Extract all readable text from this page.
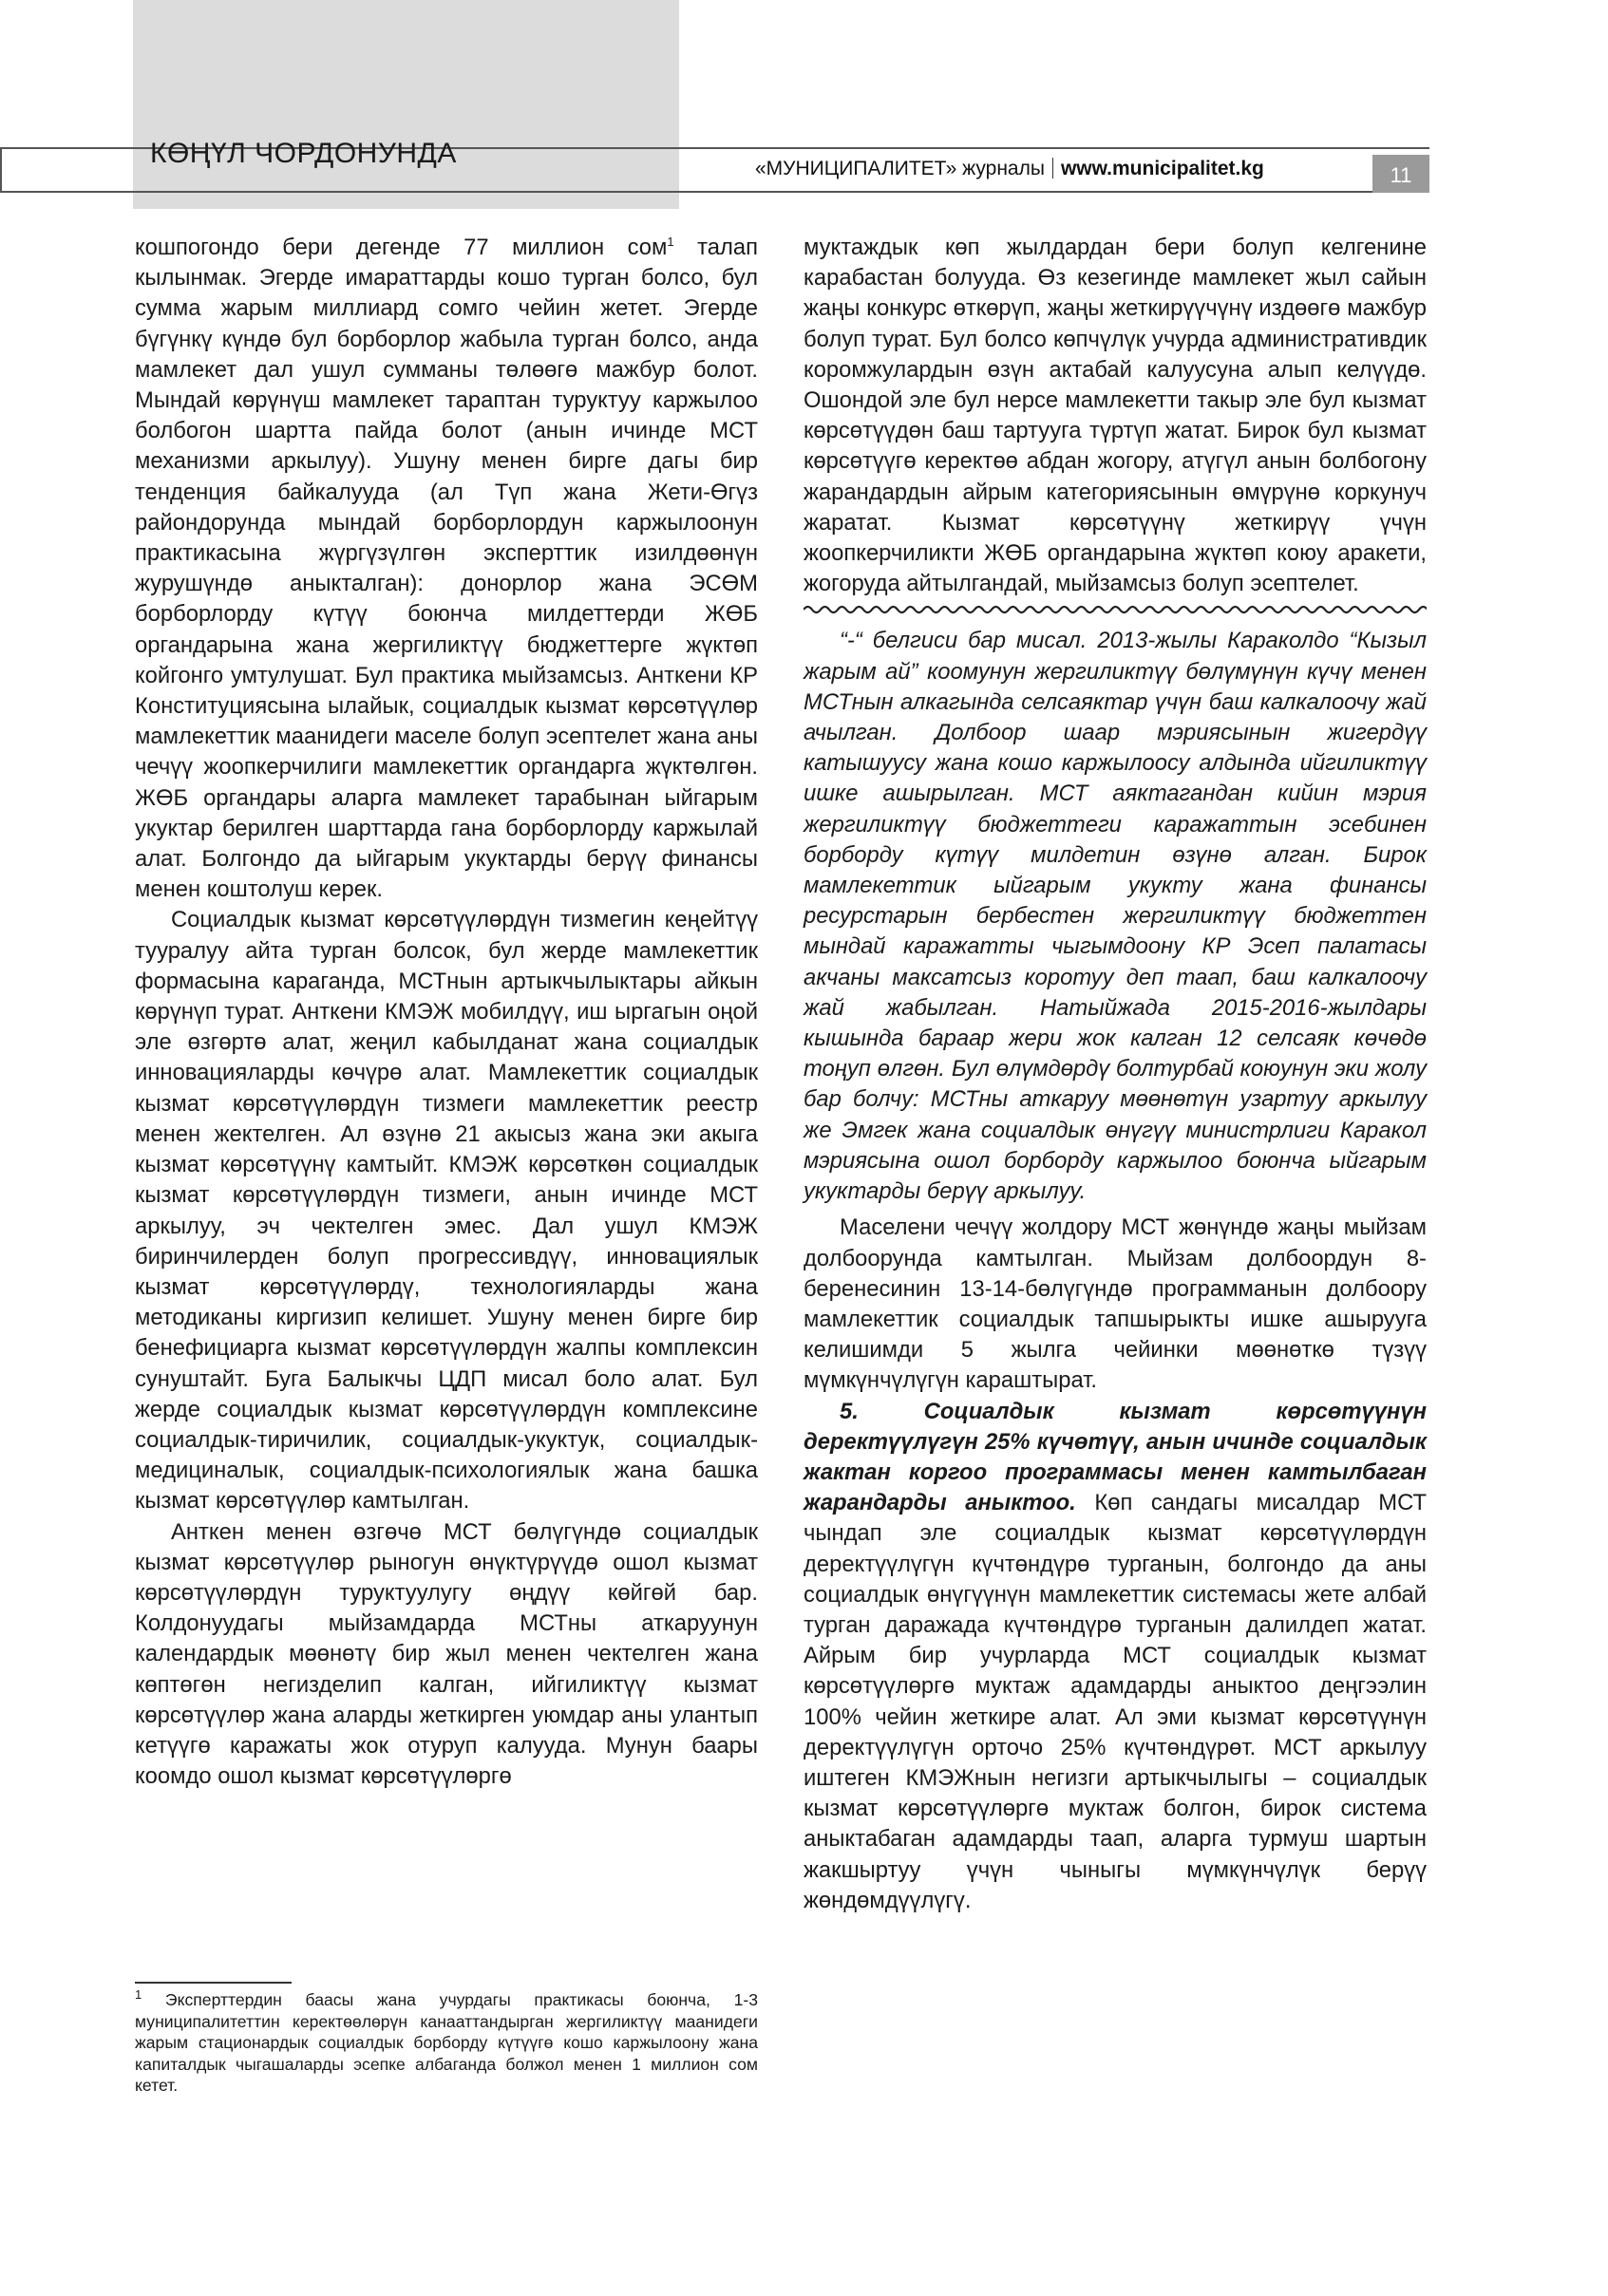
КӨҢҮЛ ЧОРДОНУНДА	«МУНИЦИПАЛИТЕТ» журналы www.municipalitet.kg	11

кошпогондо бери дегенде 77 миллион сом$^1$ талап кылынмак. Эгерде имараттарды кошо турган болсо, бул сумма жарым миллиард сомго чейин жетет. Эгерде бүгүнкү күндө бул борборлор жабыла турган болсо, анда мамлекет дал ушул сумманы төлөөгө мажбур болот. Мындай көрүнүш мамлекет тараптан туруктуу каржылоо болбогон шартта пайда болот (анын ичинде МСТ механизми аркылуу). Ушуну менен бирге дагы бир тенденция байкалууда (ал Түп жана Жети-Өгүз райондорунда мындай борборлордун каржылоонун практикасына жүргүзүлгөн эксперттик изилдөөнүн журушүндө аныкталган): донорлор жана ЭСӨМ борборлорду күтүү боюнча милдеттерди ЖӨБ органдарына жана жергиликтүү бюджеттерге жүктөп койгонго умтулушат. Бул практика мыйзамсыз. Анткени КР Конституциясына ылайык, социалдык кызмат көрсөтүүлөр мамлекеттик маанидеги маселе болуп эсептелет жана аны чечүү жоопкерчилиги мамлекеттик органдарга жүктөлгөн. ЖӨБ органдары аларга мамлекет тарабынан ыйгарым укуктар берилген шарттарда гана борборлорду каржылай алат. Болгондо да ыйгарым укуктарды берүү финансы менен коштолуш керек.

Социалдык кызмат көрсөтүүлөрдүн тизмегин кеңейтүү тууралуу айта турган болсок, бул жерде мамлекеттик формасына караганда, МСТнын артыкчылыктары айкын көрүнүп турат. Анткени КМЭЖ мобилдүү, иш ыргагын оңой эле өзгөртө алат, жеңил кабылданат жана социалдык инновацияларды көчүрө алат. Мамлекеттик социалдык кызмат көрсөтүүлөрдүн тизмеги мамлекеттик реестр менен жектелген. Ал өзүнө 21 акысыз жана эки акыга кызмат көрсөтүүнү камтыйт. КМЭЖ көрсөткөн социалдык кызмат көрсөтүүлөрдүн тизмеги, анын ичинде МСТ аркылуу, эч чектелген эмес. Дал ушул КМЭЖ биринчилерден болуп прогрессивдүү, инновациялык кызмат көрсөтүүлөрдү, технологияларды жана методиканы киргизип келишет. Ушуну менен бирге бир бенефициарга кызмат көрсөтүүлөрдүн жалпы комплексин сунуштайт. Буга Балыкчы ЦДП мисал боло алат. Бул жерде социалдык кызмат көрсөтүүлөрдүн комплексине социалдык-тиричилик, социалдык-укуктук, социалдык-медициналык, социалдык-психологиялык жана башка кызмат көрсөтүүлөр камтылган.

Анткен менен өзгөчө МСТ бөлүгүндө социалдык кызмат көрсөтүүлөр рыногун өнүктүрүүдө ошол кызмат көрсөтүүлөрдүн туруктуулугу өңдүү көйгөй бар. Колдонуудагы мыйзамдарда МСТны аткаруунун календардык мөөнөтү бир жыл менен чектелген жана көптөгөн негизделип калган, ийгиликтүү кызмат көрсөтүүлөр жана аларды жеткирген уюмдар аны улантып кетүүгө каражаты жок отуруп калууда. Мунун баары коомдо ошол кызмат көрсөтүүлөргө

$^1$ Эксперттердин баасы жана учурдагы практикасы боюнча, 1-3 муниципалитеттин керектөөлөрүн канааттандырган жергиликтүү маанидеги жарым стационардык социалдык борборду күтүүгө кошо каржылоону жана капиталдык чыгашаларды эсепке албаганда болжол менен 1 миллион сом кетет.

муктаждык көп жылдардан бери болуп келгенине карабастан болууда. Өз кезегинде мамлекет жыл сайын жаңы конкурс өткөрүп, жаңы жеткирүүчүнү издөөгө мажбур болуп турат. Бул болсо көпчүлүк учурда административдик коромжулардын өзүн актабай калуусуна алып келүүдө. Ошондой эле бул нерсе мамлекетти такыр эле бул кызмат көрсөтүүдөн баш тартууга түртүп жатат. Бирок бул кызмат көрсөтүүгө керектөө абдан жогору, атүгүл анын болбогону жарандардын айрым категорияcынын өмүрүнө коркунуч жаратат. Кызмат көрсөтүүнү жеткирүү үчүн жоопкерчиликти ЖӨБ органдарына жүктөп коюу аракети, жогоруда айтылгандай, мыйзамсыз болуп эсептелет.

“-“ белгиси бар мисал. 2013-жылы Караколдо “Кызыл жарым ай” коомунун жергиликтүү бөлүмүнүн күчү менен МСТнын алкагында селсаяктар үчүн баш калкалоочу жай ачылган. Долбоор шаар мэриясынын жигердүү катышуусу жана кошо каржылоосу алдында ийгиликтүү ишке ашырылган. МСТ аяктагандан кийин мэрия жергиликтүү бюджеттеги каражаттын эсебинен борборду күтүү милдетин өзүнө алган. Бирок мамлекеттик ыйгарым укукту жана финансы ресурстарын бербестен жергиликтүү бюджеттен мындай каражатты чыгымдоону КР Эсеп палатасы акчаны максатсыз коротуу деп таап, баш калкалоочу жай жабылган. Натыйжада 2015-2016-жылдары кышында бараар жери жок калган 12 селсаяк көчөдө тоңуп өлгөн. Бул өлүмдөрдү болтурбай коюунун эки жолу бар болчу: МСТны аткаруу мөөнөтүн узартуу аркылуу же Эмгек жана социалдык өнүгүү министрлиги Каракол мэриясына ошол борборду каржылоо боюнча ыйгарым укуктарды берүү аркылуу.

Маселени чечүү жолдору МСТ жөнүндө жаңы мыйзам долбоорунда камтылган. Мыйзам долбоордун 8-беренесинин 13-14-бөлүгүндө программанын долбоору мамлекеттик социалдык тапшырыкты ишке ашырууга келишимди 5 жылга чейинки мөөнөткө түзүү мүмкүнчүлүгүн караштырат.

5. Социалдык кызмат көрсөтүүнүн деректүүлүгүн 25% күчөтүү, анын ичинде социалдык жактан коргоо программасы менен камтылбаган жарандарды аныктоо. Көп сандагы мисалдар МСТ чындап эле социалдык кызмат көрсөтүүлөрдүн деректүүлүгүн күчтөндүрө турганын, болгондо да аны социалдык өнүгүүнүн мамлекеттик системасы жете албай турган даражада күчтөндүрө турганын далилдеп жатат. Айрым бир учурларда МСТ социалдык кызмат көрсөтүүлөргө муктаж адамдарды аныктоо деңгээлин 100% чейин жеткире алат. Ал эми кызмат көрсөтүүнүн деректүүлүгүн орточо 25% күчтөндүрөт. МСТ аркылуу иштеген КМЭЖнын негизги артыкчылыгы – социалдык кызмат көрсөтүүлөргө муктаж болгон, бирок система аныктабаган адамдарды таап, аларга турмуш шартын жакшыртуу үчүн чыныгы мүмкүнчүлүк берүү жөндөмдүүлүгү.
